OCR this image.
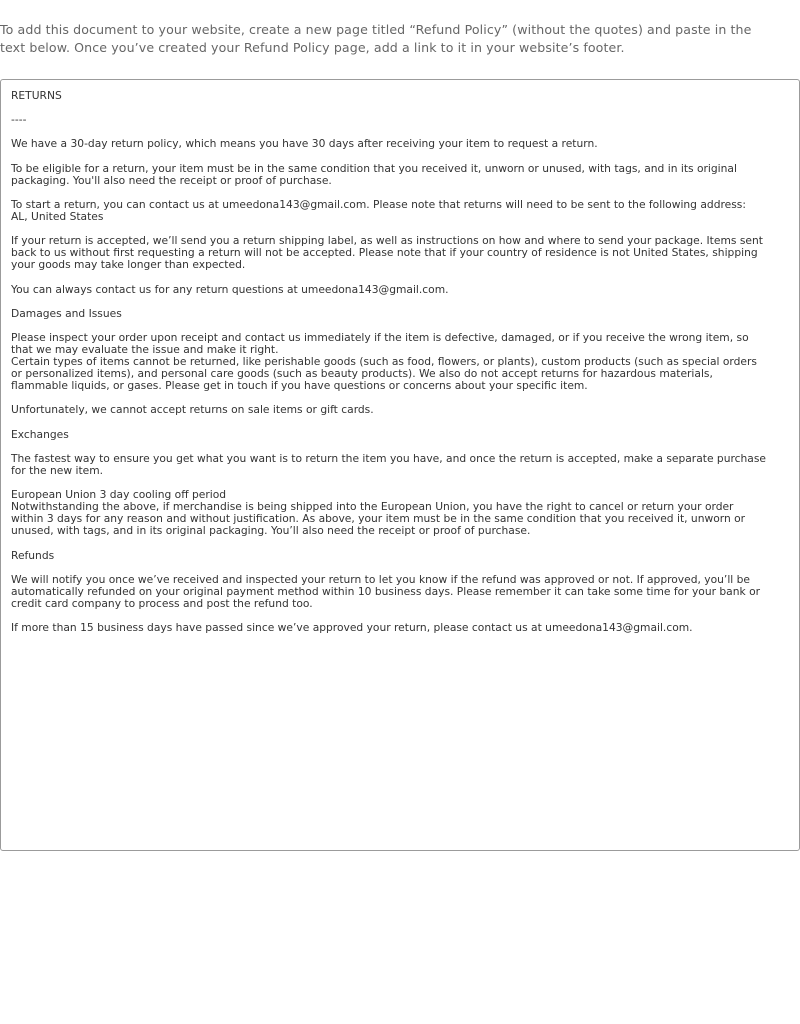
To add this document to your website, create a new page titled “Refund Policy” (without the quotes) and paste in the text below. Once you’ve created your Refund Policy page, add a link to it in your website’s footer.

RETURNS
----
We have a 30-day return policy, which means you have 30 days after receiving your item to request a return.
To be eligible for a return, your item must be in the same condition that you received it, unworn or unused, with tags, and in its original packaging. You'll also need the receipt or proof of purchase.
To start a return, you can contact us at umeedona143@gmail.com. Please note that returns will need to be sent to the following address:
AL, United States
If your return is accepted, we’ll send you a return shipping label, as well as instructions on how and where to send your package. Items sent back to us without first requesting a return will not be accepted. Please note that if your country of residence is not United States, shipping your goods may take longer than expected.
You can always contact us for any return questions at umeedona143@gmail.com.
Damages and Issues
Please inspect your order upon receipt and contact us immediately if the item is defective, damaged, or if you receive the wrong item, so that we may evaluate the issue and make it right.
Certain types of items cannot be returned, like perishable goods (such as food, flowers, or plants), custom products (such as special orders or personalized items), and personal care goods (such as beauty products). We also do not accept returns for hazardous materials, flammable liquids, or gases. Please get in touch if you have questions or concerns about your specific item.
Unfortunately, we cannot accept returns on sale items or gift cards.
Exchanges
The fastest way to ensure you get what you want is to return the item you have, and once the return is accepted, make a separate purchase for the new item.
European Union 3 day cooling off period
Notwithstanding the above, if merchandise is being shipped into the European Union, you have the right to cancel or return your order within 3 days for any reason and without justification. As above, your item must be in the same condition that you received it, unworn or unused, with tags, and in its original packaging. You’ll also need the receipt or proof of purchase.
Refunds
We will notify you once we’ve received and inspected your return to let you know if the refund was approved or not. If approved, you’ll be automatically refunded on your original payment method within 10 business days. Please remember it can take some time for your bank or credit card company to process and post the refund too.
If more than 15 business days have passed since we’ve approved your return, please contact us at umeedona143@gmail.com.
